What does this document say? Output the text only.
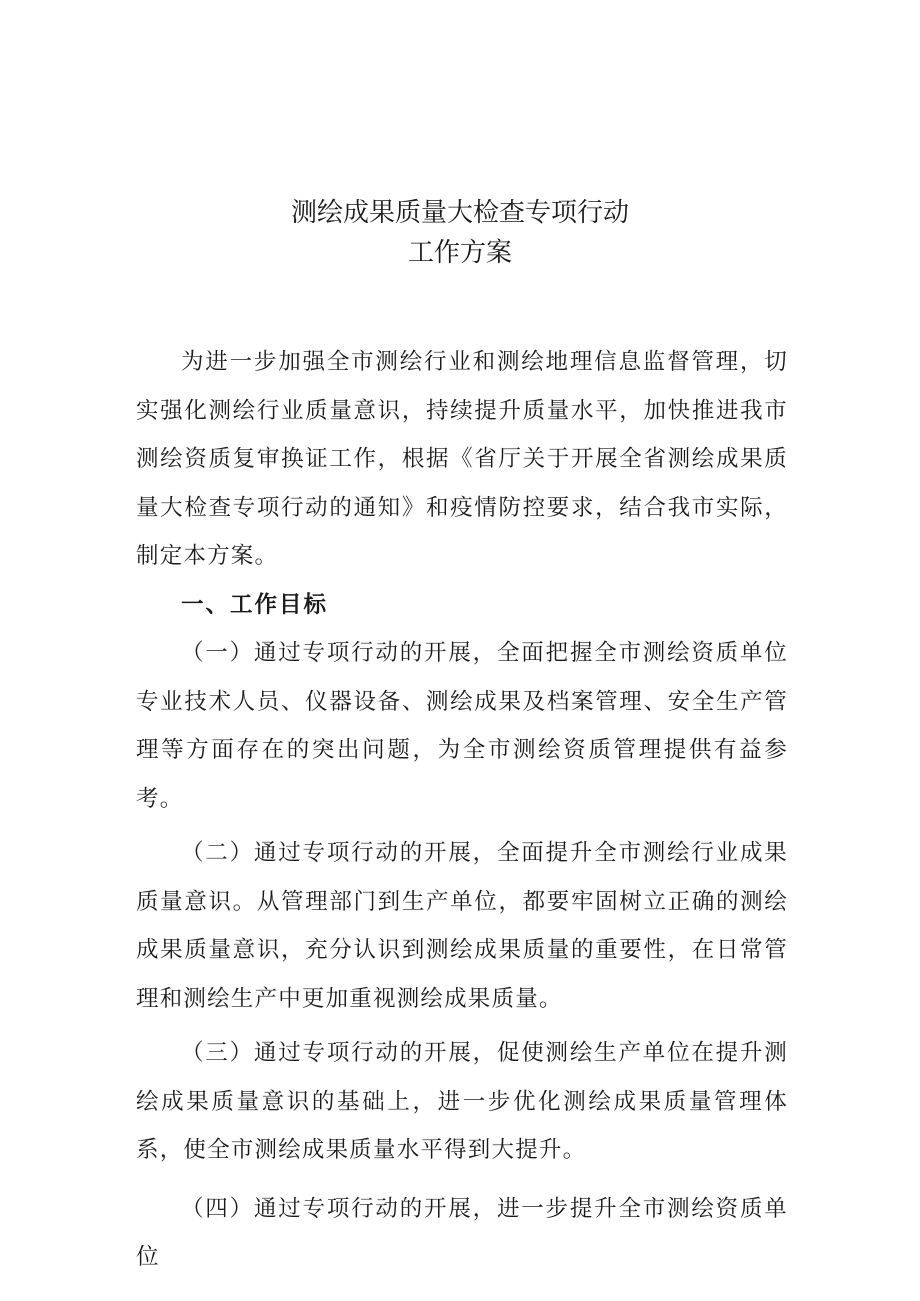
测绘成果质量大检查专项行动
工作方案

为进一步加强全市测绘行业和测绘地理信息监督管理，切实强化测绘行业质量意识，持续提升质量水平，加快推进我市测绘资质复审换证工作，根据《省厅关于开展全省测绘成果质量大检查专项行动的通知》和疫情防控要求，结合我市实际，制定本方案。

一、工作目标

（一）通过专项行动的开展，全面把握全市测绘资质单位专业技术人员、仪器设备、测绘成果及档案管理、安全生产管理等方面存在的突出问题，为全市测绘资质管理提供有益参考。

（二）通过专项行动的开展，全面提升全市测绘行业成果质量意识。从管理部门到生产单位，都要牢固树立正确的测绘成果质量意识，充分认识到测绘成果质量的重要性，在日常管理和测绘生产中更加重视测绘成果质量。

（三）通过专项行动的开展，促使测绘生产单位在提升测绘成果质量意识的基础上，进一步优化测绘成果质量管理体系，使全市测绘成果质量水平得到大提升。

（四）通过专项行动的开展，进一步提升全市测绘资质单位
